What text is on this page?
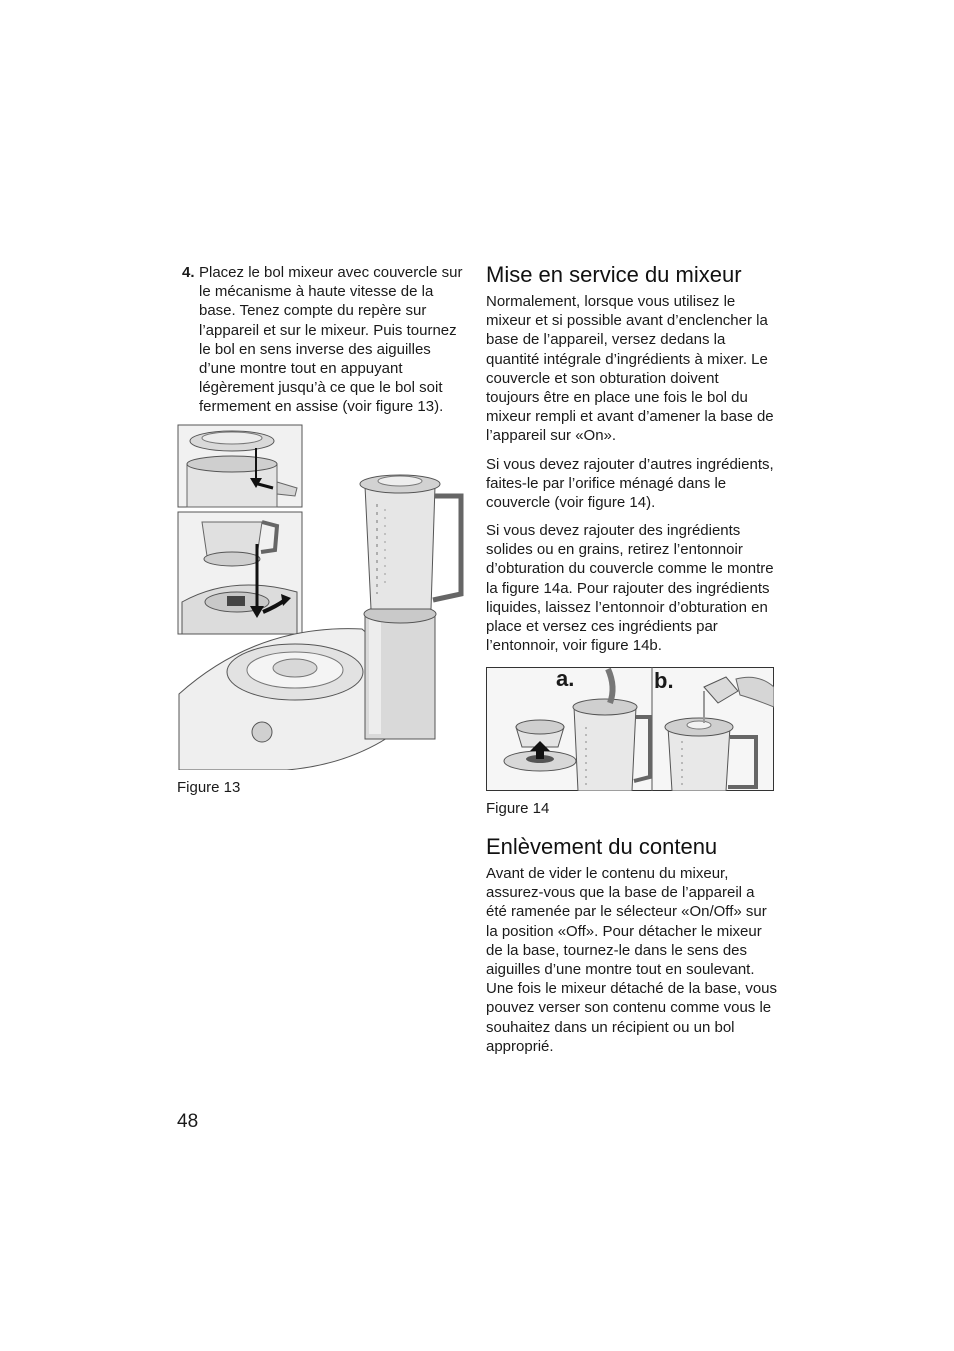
4. Placez le bol mixeur avec couvercle sur le mécanisme à haute vitesse de la base. Tenez compte du repère sur l’appareil et sur le mixeur. Puis tournez le bol en sens inverse des aiguilles d’une montre tout en appuyant légèrement jusqu’à ce que le bol soit fermement en assise (voir figure 13).

Figure 13
Mise en service du mixeur

Normalement, lorsque vous utilisez le mixeur et si possible avant d’enclencher la base de l’appareil, versez dedans la quantité intégrale d’ingrédients à mixer. Le couvercle et son obturation doivent toujours être en place une fois le bol du mixeur rempli et avant d’amener la base de l’appareil sur «On».

Si vous devez rajouter d’autres ingrédients, faites-le par l’orifice ménagé dans le couvercle (voir figure 14).

Si vous devez rajouter des ingrédients solides ou en grains, retirez l’entonnoir d’obturation du couvercle comme le montre la figure 14a. Pour rajouter des ingrédients liquides, laissez l’entonnoir d’obturation en place et versez ces ingrédients par l’entonnoir, voir figure 14b.

a.	b.
Figure 14
Enlèvement du contenu

Avant de vider le contenu du mixeur, assurez-vous que la base de l’appareil a été ramenée par le sélecteur «On/Off» sur la position «Off». Pour détacher le mixeur de la base, tournez-le dans le sens des aiguilles d’une montre tout en soulevant. Une fois le mixeur détaché de la base, vous pouvez verser son contenu comme vous le souhaitez dans un récipient ou un bol approprié.

48
